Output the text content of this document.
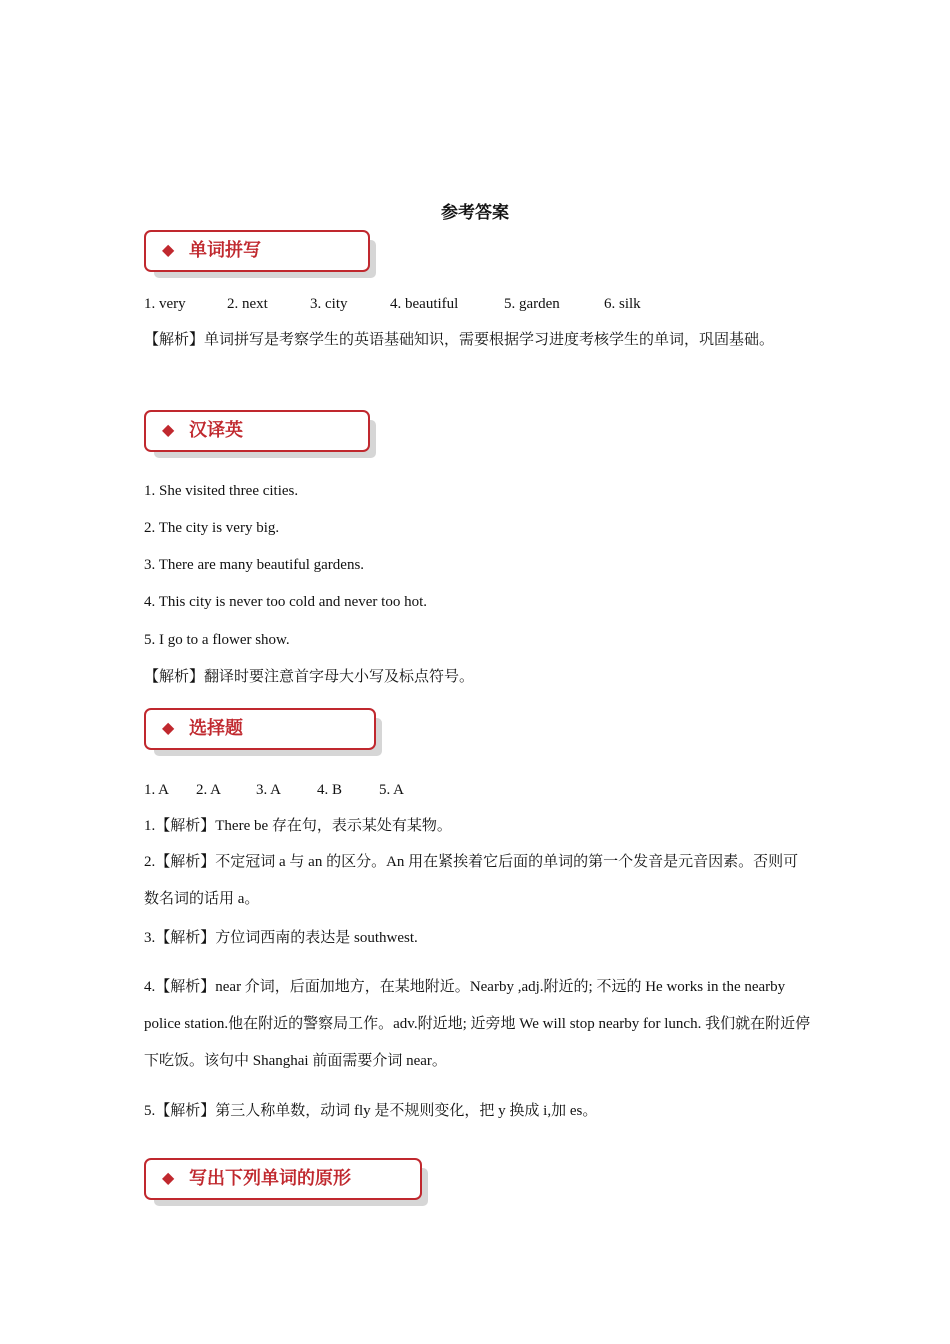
参考答案
◆ 单词拼写
1. very	2. next	3. city	4. beautiful	5. garden	6. silk
【解析】单词拼写是考察学生的英语基础知识，需要根据学习进度考核学生的单词，巩固基础。
◆ 汉译英
1. She visited three cities.
2. The city is very big.
3. There are many beautiful gardens.
4. This city is never too cold and never too hot.
5. I go to a flower show.
【解析】翻译时要注意首字母大小写及标点符号。
◆ 选择题
1. A 2. A 3. A 4. B 5. A
1.【解析】There be 存在句，表示某处有某物。
2.【解析】不定冠词 a 与 an 的区分。An 用在紧挨着它后面的单词的第一个发音是元音因素。否则可数名词的话用 a。
3.【解析】方位词西南的表达是 southwest.
4.【解析】near 介词，后面加地方，在某地附近。Nearby ,adj.附近的; 不远的 He works in the nearby police station.他在附近的警察局工作。adv.附近地; 近旁地 We will stop nearby for lunch. 我们就在附近停下吃饭。该句中 Shanghai 前面需要介词 near。
5.【解析】第三人称单数，动词 fly 是不规则变化，把 y 换成 i,加 es。
◆ 写出下列单词的原形
